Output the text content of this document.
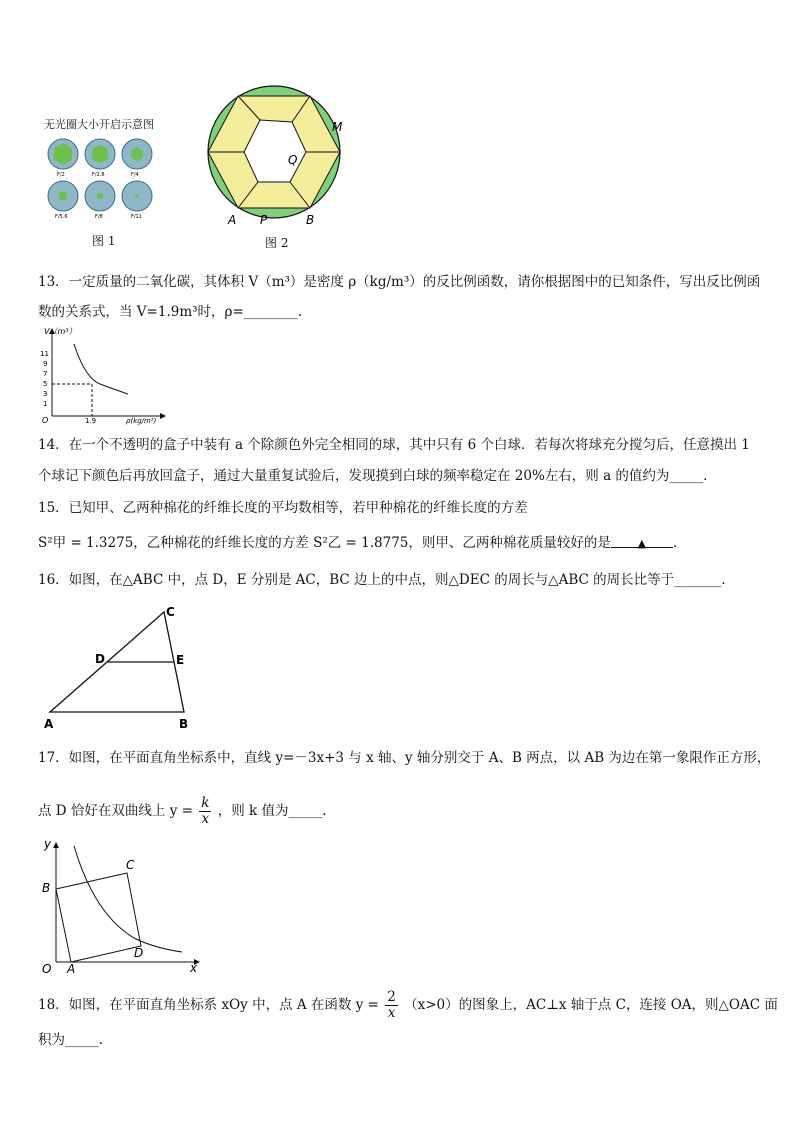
无光圈大小开启示意图
F/2	F/2.8	F/4
F/5.6	F/8	F/11
图 1
M
Q
A P	B
图 2
13．一定质量的二氧化碳，其体积 V（m³）是密度 ρ（kg/m³）的反比例函数，请你根据图中的已知条件，写出反比例函
数的关系式，当 V=1.9m³时，ρ=________.
V（m³）
11
9
7
5
3
1
O	1.9	ρ(kg/m³)
14．在一个不透明的盒子中装有 a 个除颜色外完全相同的球，其中只有 6 个白球．若每次将球充分搅匀后，任意摸出 1
个球记下颜色后再放回盒子，通过大量重复试验后，发现摸到白球的频率稳定在 20%左右，则 a 的值约为_____.
15．已知甲、乙两种棉花的纤维长度的平均数相等，若甲种棉花的纤维长度的方差
S²甲 = 1.3275，乙种棉花的纤维长度的方差 S²乙 = 1.8775，则甲、乙两种棉花质量较好的是 ▲ .
16．如图，在△ABC 中，点 D，E 分别是 AC，BC 边上的中点，则△DEC 的周长与△ABC 的周长比等于_______.
C
D	E
A	B
17．如图，在平面直角坐标系中，直线 y=－3x+3 与 x 轴、y 轴分别交于 A、B 两点，以 AB 为边在第一象限作正方形，
点 D 恰好在双曲线上 $y = \frac{k}{x}$ ，则 k 值为_____.
y
x
O A
B
C
D
18．如图，在平面直角坐标系 xOy 中，点 A 在函数 $y = \frac{2}{x} (x>0)$的图象上，AC⊥x 轴于点 C，连接 OA，则△OAC 面
积为_____.
